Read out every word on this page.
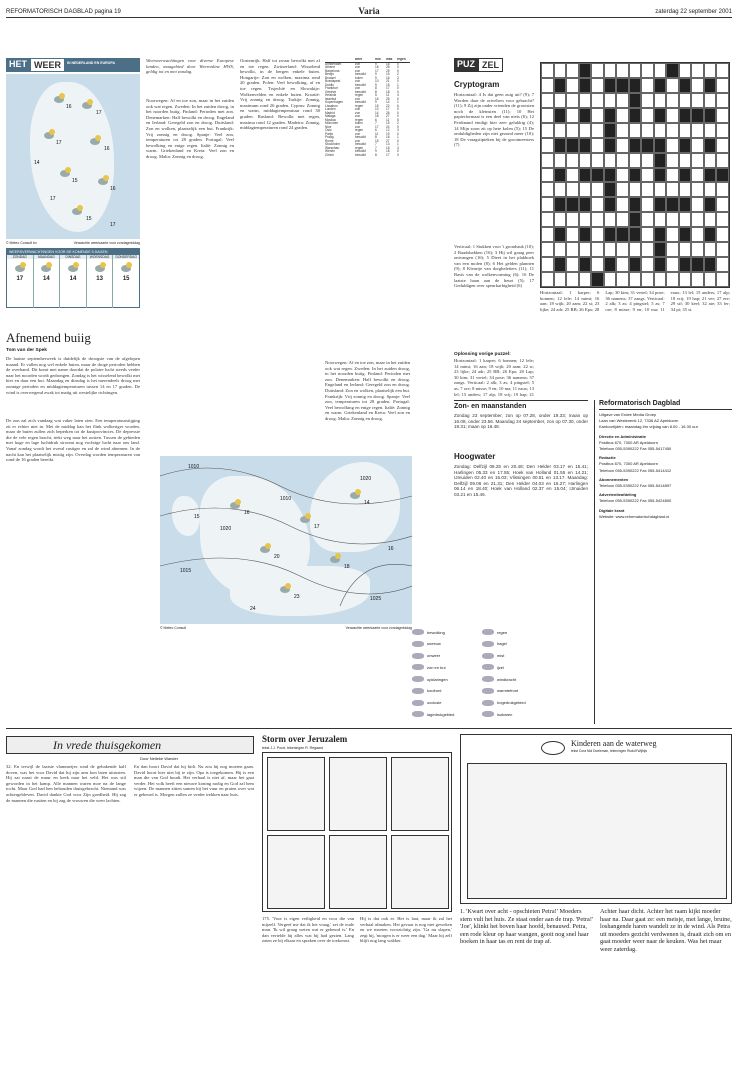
REFORMATORISCH DAGBLAD pagina 19	Varia	zaterdag 22 september 2001
HET WEER	IN NEDERLAND EN EUROPA
16
17
17
16
14
15
16
17
15
17
© Meteo Consult bv	Verwachte weerkaarte voor zondagmiddag
WEERSVERWACHTINGEN VOOR DE KOMENDE 5 DAGEN
ZONDAG
17
MAANDAG
14
DINSDAG
14
WOENSDAG
13
DONDERDAG
15
Afnemend buiig
Tom van der Spek
De laatste septemberweek is duidelijk de droogste van de afgelopen maand. Er vallen nog wel enkele buien, maar de droge perioden hebben de overhand. Dit komt met name doordat de polaire lucht steeds verder naar het noorden wordt gedrongen. Zondag is het wisselend bewolkt met hier en daar een bui. Maandag en dinsdag is het merendeels droog met zonnige perioden en middagtemperaturen tussen 14 en 17 graden. De wind is overwegend zwak tot matig uit westelijke richtingen.
De zon zal zich vandaag wat vaker laten zien. Een temperatuurstijging zit er echter niet in. Met de middag kan het flink wolkeriger worden, maar de buien zullen zich beperken tot de kustprovincies. De depressie die de vele regen bracht, trekt weg naar het oosten. Tussen de gebieden met hoge en lage luchtdruk stroomt nog vochtige lucht naar ons land. Vanaf zondag wordt het overal rustiger en zal de wind afnemen. In de nacht kan het plaatselijk mistig zijn. Overdag worden temperaturen van rond de 16 graden bereikt.
Weersverwachtingen voor diverse Europese landen, maagebied door Weeronline HWS, geldig tot en met zondag.
Noorwegen: Af en toe zon, maar in het zuiden ook wat regen. Zweden: In het zuiden droog, in het noorden buiig. Finland: Perioden met zon. Denemarken: Half bewolkt en droog. Engeland en Ierland: Geregeld zon en droog. Duitsland: Zon en wolken, plaatselijk een bui. Frankrijk: Vrij zonnig en droog. Spanje: Veel zon, temperaturen tot 28 graden. Portugal: Veel bewolking en enige regen. Italië: Zonnig en warm. Griekenland en Kreta: Veel zon en droog. Malta: Zonnig en droog.
Oostenrijk: Half tot zwaar bewolkt met af en toe regen. Zwitserland: Wisselend bewolkt, in de bergen enkele buien. Hongarije: Zon en wolken, maxima rond 20 graden. Polen: Veel bewolking, af en toe regen. Trsjechië en Slowakije: Wolkenvelden en enkele buien. Kroatië: Vrij zonnig en droog. Turkije: Zonnig, maximum rond 26 graden. Cyprus: Zonnig en warm, middagtemperatuur rond 30 graden. Rusland: Bewolkt met regen, maxima rond 12 graden. Madeira: Zonnig, middagtemperaturen rond 24 graden.
weer	min	max	regen
Amsterdam	zon	9	16	0
Athene	zon	18	28	0
Barcelona	zon	17	25	0
Berlijn	bewolkt	9	15	2
Brussel	buien	9	16	3
Boedapest	zon	10	21	0
Dublin	bewolkt	9	15	1
Frankfurt	zon	8	17	0
Genève	bewolkt	8	18	0
Helsinki	regen	5	11	4
Istanbul	zon	16	25	0
Kopenhagen	bewolkt	9	14	1
Lissabon	regen	15	22	6
Londen	zon	10	17	0
Madrid	zon	14	26	0
Malaga	zon	18	27	0
Moskou	regen	6	11	5
München	buien	7	15	2
Nice	zon	17	24	0
Oslo	regen	6	12	3
Parijs	zon	11	19	0
Praag	bewolkt	8	16	1
Rome	zon	15	27	0
Stockholm	bewolkt	7	13	1
Warschau	regen	7	15	3
Wenen	bewolkt	9	18	0
Zürich	bewolkt	8	17	0
Noorwegen: Af en toe zon, maar in het zuiden ook wat regen. Zweden: In het zuiden droog, in het noorden buiig. Finland: Perioden met zon. Denemarken: Half bewolkt en droog. Engeland en Ierland: Geregeld zon en droog. Duitsland: Zon en wolken, plaatselijk een bui. Frankrijk: Vrij zonnig en droog. Spanje: Veel zon, temperaturen tot 28 graden. Portugal: Veel bewolking en enige regen. Italië: Zonnig en warm. Griekenland en Kreta: Veel zon en droog. Malta: Zonnig en droog.
1010
1020
1020
1015
1010
1025
16
17
14
20
18
23
24
15
16
© Meteo Consult	Verwachte weerkaarte voor zondagmiddag
bewolking	regen
sneeuw	hagel
onweer	mist
zon en bui	ijzel
opklaringen	windkracht
koufront	warmtefront
occlusie	hogedrukgebied
lagedrukgebied	isobaren
PUZ ZEL
Cryptogram
Horizontaal: 4 Is dat geen zuig uit? (9); 7 Worden daar de ortvelsen voor gebracht? (11); 9 Zij zijn onder vrienden de grootsten noch de kleinsten (11); 10 Het papierformaat is een deel van niets (6); 12 Ferdinand eindigt hier zeer gelukkig (4); 14 Mijn zoon zit op hete kolen (5); 15 De onduldigheden zijn niet gezond meer (10); 18 De vraagstipteken bij de grootmeesters (7)
Verticaal: 1 Stukken voor 't grondstuk (10); 2 Raadsbakken (16); 3 Hij wil graag peer ontvangen (16); 5 Dieet in het plakboek van een molen (8); 6 Het gelden plannen (9); 8 Kleurtje van dorgbeletters (11); 11 Basis van de wolkenvorming (6); 16 De laatste haan aan de beurt (5); 17 Geduldigen over speurkarbigheid (6)
Oplossing vorige puzzel:
Horizontaal: 1 karper; 6 bonnen; 12 lele; 14 mimi; 16 aan; 18 wijk; 20 aam; 22 st; 23 lijke; 24 adr; 25 RB; 26 Epo; 28 Lap; 30 kim; 31 vertel; 34 pose; 36 namens; 37 zangs. Verticaal: 2 alk; 3 as; 4 pingstel; 5 as; 7 ore; 8 misse; 9 en; 10 ma; 11 eaux; 13 lel; 15 anders; 17 alp; 18 vrij; 19 hap; 21
Horizontaal: 1 karper; 6 bonnen; 12 lele; 14 mimi; 16 aan; 18 wijk; 20 aam; 22 st; 23 lijke; 24 adr; 25 RB; 26 Epo; 28 Lap; 30 kim; 31 vertel; 34 pose; 36 namens; 37 zangs. Verticaal: 2 alk; 3 as; 4 pingstel; 5 as; 7 ore; 8 misse; 9 en; 10 ma; 11 eaux; 13 lel; 15 anders; 17 alp; 18 vrij; 19 hap; 21 ver; 27 ere; 29 sif; 30 keel; 32 ate; 33 fer; 34 pi; 35 st.
Zon- en maanstanden
Zondag 23 september, zon op 07.28, onder 19.33; maan op 16.08, onder 23.56. Maandag 24 september, zon op 07.30, onder 19.31; maan op 16.48.
Hoogwater
Zondag: Delfzijl 08.25 en 20.48; Den Helder 03.17 en 15.41; Harlingen 05.33 en 17.55; Hoek van Holland 01.55 en 14.21; IJmuiden 02.40 en 15.03; Vlissingen 00.51 en 13.17. Maandag: Delfzijl 09.06 en 21.31; Den Helder 04.03 en 16.27; Harlingen 06.14 en 18.40; Hoek van Holland 02.37 en 15.04; IJmuiden 03.21 en 15.46.
Reformatorisch Dagblad
Uitgave van Erdee Media Groep
Laan van Westenenk 12, 7336 AZ Apeldoorn
Kantoortijden: maandag t/m vrijdag van 8.00 - 16.30 uur
Directie en Administratie
Postbus 670, 7300 AR Apeldoorn
Telefoon 055-5390222 Fax 055-5417450
Redactie
Postbus 670, 7300 AR Apeldoorn
Telefoon 055-5390222 Fax 055-5414412
Abonnementen
Telefoon 055-5390222 Fax 055-5414897
Advertentieafdeling
Telefoon 055-5390222 Fax 055-5424800
Digitale krant
Website: www.reformatorischdagblad.nl
In vrede thuisgekomen
Door Nelleke Wander
32. En terwijl de laatste vlammetjes rond de gebakende kalf doven, was het voor David dat hij zijn arm kon laten uitrusten. Hij zat naast de muur en keek naar het veld. Het was stil geworden in het kamp. Alle mannen waren moe na de lange tocht. Maar God had hen behouden thuisgebracht. Niemand was achtergebleven. David dankte God voor Zijn goedheid. Hij zag de mannen die rustten en hij zag de vrouwen die weer lachten.
En dan hoort David dat hij bidt. Nu zou hij nog moeten gaan. David hoort hier niet bij te zijn. Opa is toegekomen. Hij is een man die van God houdt. Het verhaal is niet af, maar het gaat verder. Het volk heeft een nieuwe koning nodig en God zal hem wijzen. De mannen zitten samen bij het vuur en praten over wat er gebeurd is. Morgen zullen ze verder trekken naar huis.
Storm over Jeruzalem
tekst J.J. Poort, tekeningen R. Regaard
175. 'Voor is eigen veiligheid en voor die van mijzelf. Vergeef me dat ik het vraag,' zei de oude man. 'Ik wil graag weten wat er gebeurd is.' En dan vertelde hij alles wat hij had gezien. Lang zaten ze bij elkaar en spraken over de toekomst.
Hij is dat ook er. Het is laat, maar ik zal het verhaal afmaken. Het gevaar is nog niet geweken en we moeten voorzichtig zijn. 'Ga nu slapen,' zegt hij, 'morgen is er weer een dag.' Maar hij zelf blijft nog lang wakker.
Kinderen aan de waterweg
tekst Cora Mol Doeleman, tekeningen Rudolf Wijbijs
1. 'Kwart over acht - opschieten Petra!' Moeders stem vult het huis. Ze staat onder aan de trap. 'Petra!' 'Joe', klinkt het boven haar hoofd, benauwd. Petra, een rode kleur op haar wangen, gooit nog snel haar boeken in haar tas en rent de trap af.
Achter haar dicht. Achter het raam kijkt moeder haar na. Daar gaat ze: een meisje, met lange, bruine, loshangende haren wandelt ze in de wind. Als Petra uit moeders gezicht verdwenen is, draait zich om en gaat moeder weer naar de keuken. Was het maar weer zaterdag.
